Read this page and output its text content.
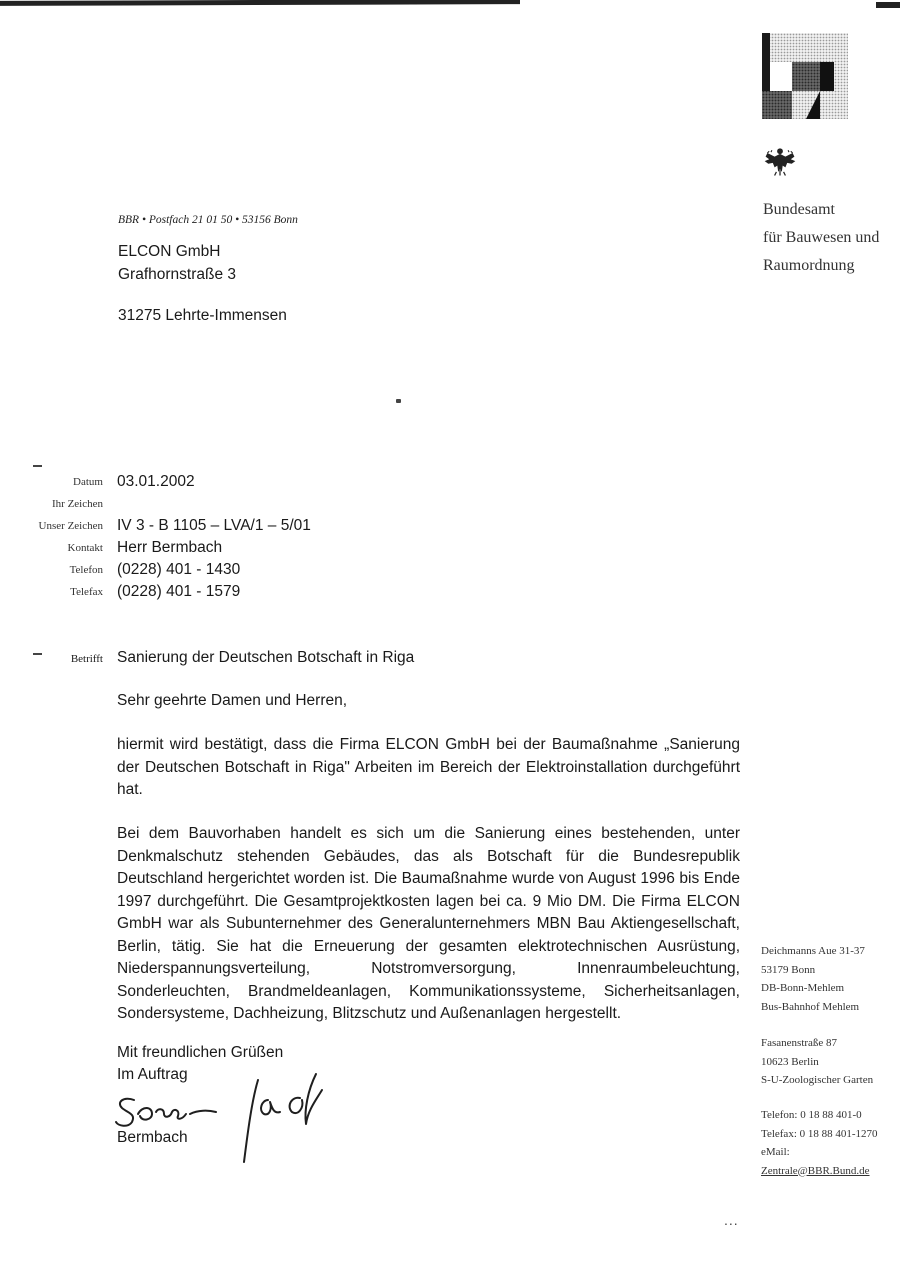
Bundesamt
für Bauwesen und
Raumordnung
BBR • Postfach 21 01 50 • 53156 Bonn
ELCON GmbH
Grafhornstraße 3
31275 Lehrte-Immensen
Datum 03.01.2002
Ihr Zeichen
Unser Zeichen IV 3 - B 1105 – LVA/1 – 5/01
Kontakt Herr Bermbach
Telefon (0228) 401 - 1430
Telefax (0228) 401 - 1579
Betrifft Sanierung der Deutschen Botschaft in Riga
Sehr geehrte Damen und Herren,
hiermit wird bestätigt, dass die Firma ELCON GmbH bei der Baumaßnahme „Sanierung der Deutschen Botschaft in Riga" Arbeiten im Bereich der Elektroinstallation durchgeführt hat.
Bei dem Bauvorhaben handelt es sich um die Sanierung eines bestehenden, unter Denkmalschutz stehenden Gebäudes, das als Botschaft für die Bundesrepublik Deutschland hergerichtet worden ist. Die Baumaßnahme wurde von August 1996 bis Ende 1997 durchgeführt. Die Gesamtprojektkosten lagen bei ca. 9 Mio DM. Die Firma ELCON GmbH war als Subunternehmer des Generalunternehmers MBN Bau Aktiengesellschaft, Berlin, tätig. Sie hat die Erneuerung der gesamten elektrotechnischen Ausrüstung, Niederspannungsverteilung, Notstromversorgung, Innenraumbeleuchtung, Sonderleuchten, Brandmeldeanlagen, Kommunikationssysteme, Sicherheitsanlagen, Sondersysteme, Dachheizung, Blitzschutz und Außenanlagen hergestellt.
Mit freundlichen Grüßen
Im Auftrag
Bermbach
Deichmanns Aue 31-37
53179 Bonn
DB-Bonn-Mehlem
Bus-Bahnhof Mehlem
Fasanenstraße 87
10623 Berlin
S-U-Zoologischer Garten
Telefon: 0 18 88 401-0
Telefax: 0 18 88 401-1270
eMail:
Zentrale@BBR.Bund.de
...
